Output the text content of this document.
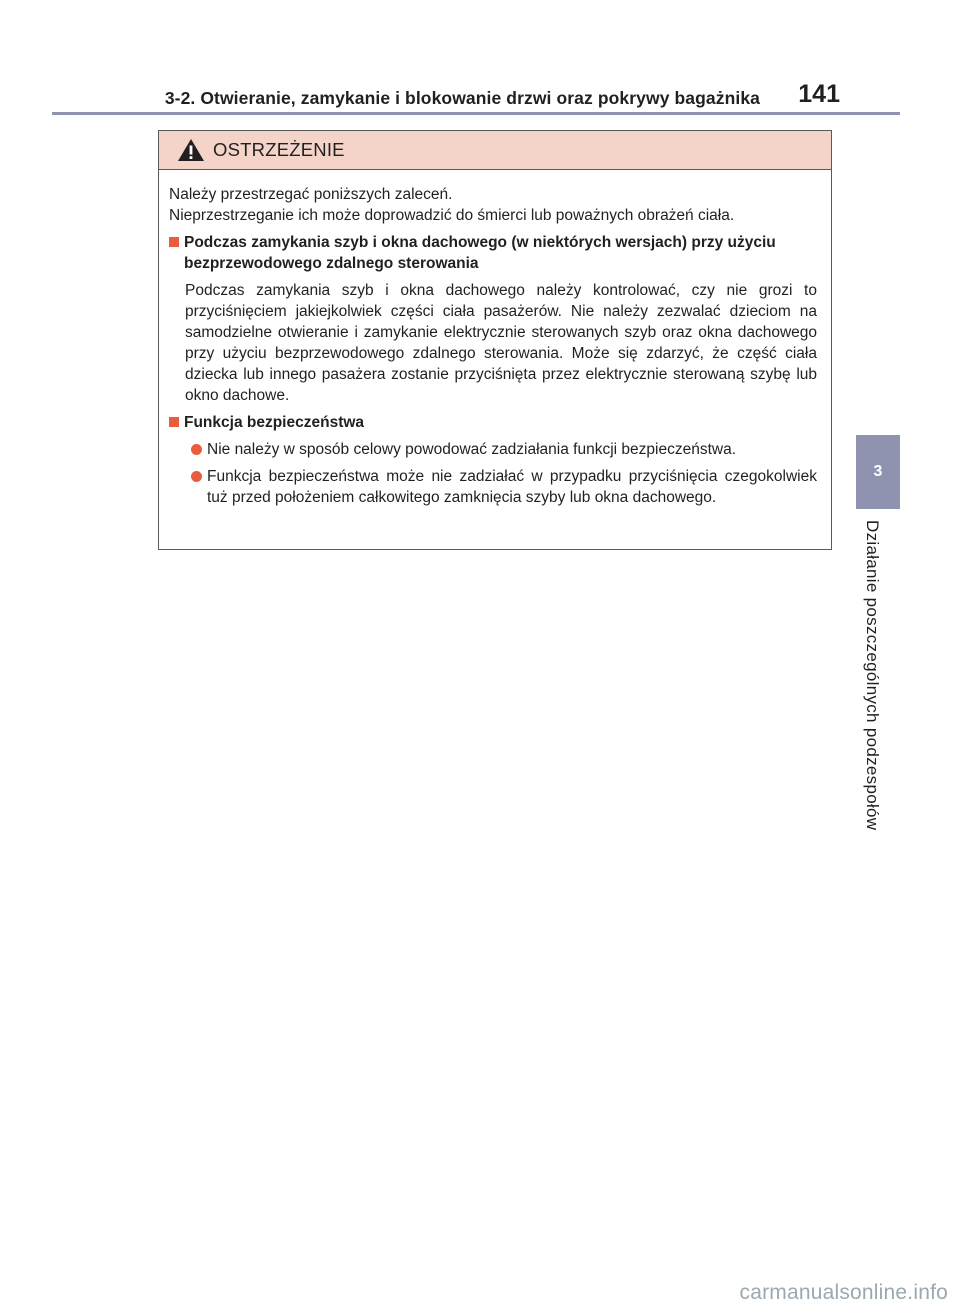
3-2. Otwieranie, zamykanie i blokowanie drzwi oraz pokrywy bagażnika 141
3
Działanie poszczególnych podzespołów
OSTRZEŻENIE

Należy przestrzegać poniższych zaleceń.

Nieprzestrzeganie ich może doprowadzić do śmierci lub poważnych obrażeń ciała.

Podczas zamykania szyb i okna dachowego (w niektórych wersjach) przy użyciu bezprzewodowego zdalnego sterowania

Podczas zamykania szyb i okna dachowego należy kontrolować, czy nie grozi to przyciśnięciem jakiejkolwiek części ciała pasażerów. Nie należy zezwalać dzieciom na samodzielne otwieranie i zamykanie elektrycznie sterowanych szyb oraz okna dachowego przy użyciu bezprzewodowego zdalnego sterowania. Może się zdarzyć, że część ciała dziecka lub innego pasażera zostanie przyciśnięta przez elektrycznie sterowaną szybę lub okno dachowe.

Funkcja bezpieczeństwa
Nie należy w sposób celowy powodować zadziałania funkcji bezpieczeństwa.
Funkcja bezpieczeństwa może nie zadziałać w przypadku przyciśnięcia czegokolwiek tuż przed położeniem całkowitego zamknięcia szyby lub okna dachowego.
carmanualsonline.info
